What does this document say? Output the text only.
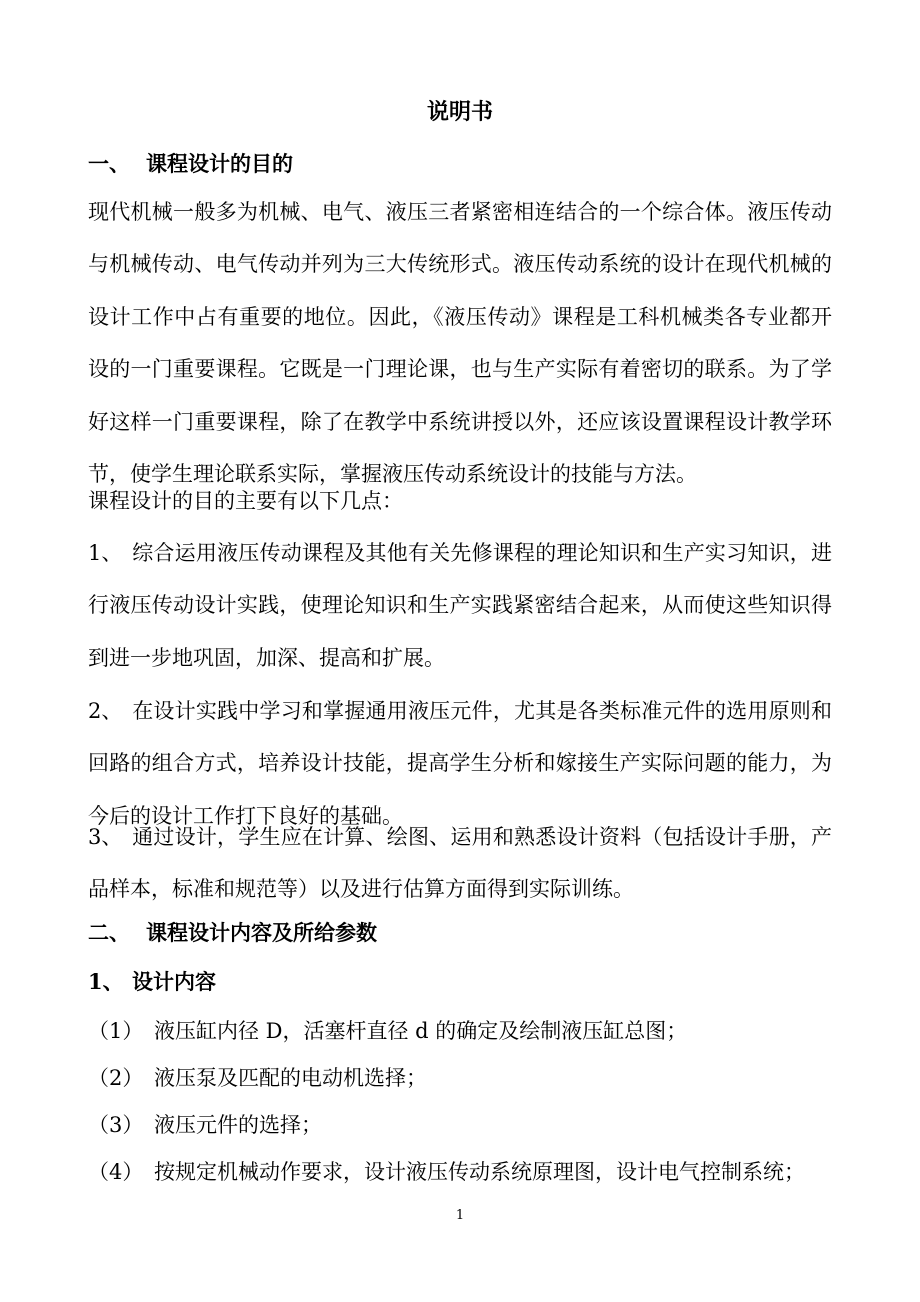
说明书
一、 课程设计的目的

现代机械一般多为机械、电气、液压三者紧密相连结合的一个综合体。液压传动与机械传动、电气传动并列为三大传统形式。液压传动系统的设计在现代机械的设计工作中占有重要的地位。因此，《液压传动》课程是工科机械类各专业都开设的一门重要课程。它既是一门理论课，也与生产实际有着密切的联系。为了学好这样一门重要课程，除了在教学中系统讲授以外，还应该设置课程设计教学环节，使学生理论联系实际，掌握液压传动系统设计的技能与方法。

课程设计的目的主要有以下几点：

1、 综合运用液压传动课程及其他有关先修课程的理论知识和生产实习知识，进行液压传动设计实践，使理论知识和生产实践紧密结合起来，从而使这些知识得到进一步地巩固，加深、提高和扩展。

2、 在设计实践中学习和掌握通用液压元件，尤其是各类标准元件的选用原则和回路的组合方式，培养设计技能，提高学生分析和嫁接生产实际问题的能力，为今后的设计工作打下良好的基础。

3、 通过设计，学生应在计算、绘图、运用和熟悉设计资料（包括设计手册，产品样本，标准和规范等）以及进行估算方面得到实际训练。

二、 课程设计内容及所给参数
1、 设计内容

（1） 液压缸内径 D，活塞杆直径 d 的确定及绘制液压缸总图；

（2） 液压泵及匹配的电动机选择；

（3） 液压元件的选择；

（4） 按规定机械动作要求，设计液压传动系统原理图，设计电气控制系统；

1
